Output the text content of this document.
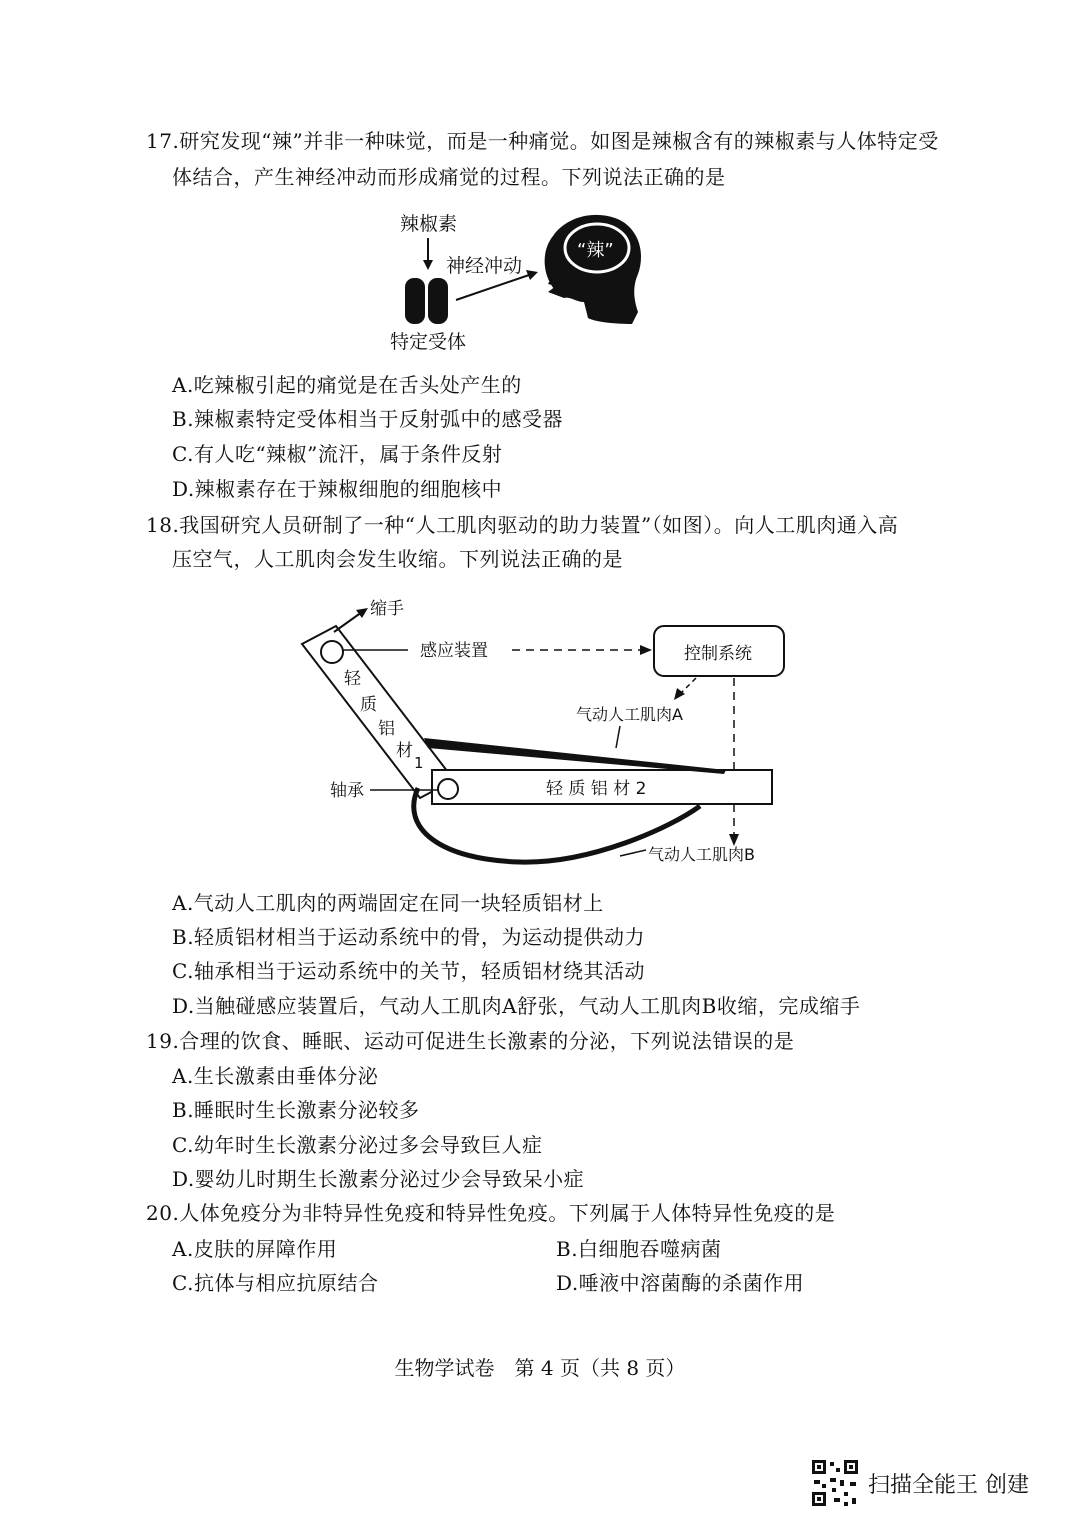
17.研究发现“辣”并非一种味觉，而是一种痛觉。如图是辣椒含有的辣椒素与人体特定受
体结合，产生神经冲动而形成痛觉的过程。下列说法正确的是
辣椒素
神经冲动
“辣”
特定受体
A.吃辣椒引起的痛觉是在舌头处产生的
B.辣椒素特定受体相当于反射弧中的感受器
C.有人吃“辣椒”流汗，属于条件反射
D.辣椒素存在于辣椒细胞的细胞核中
18.我国研究人员研制了一种“人工肌肉驱动的助力装置”（如图）。向人工肌肉通入高
压空气，人工肌肉会发生收缩。下列说法正确的是
轻
质
铝
材
1
缩手
感应装置	控制系统
气动人工肌肉A
轻 质 铝 材 2
气动人工肌肉B
轴承
A.气动人工肌肉的两端固定在同一块轻质铝材上
B.轻质铝材相当于运动系统中的骨，为运动提供动力
C.轴承相当于运动系统中的关节，轻质铝材绕其活动
D.当触碰感应装置后，气动人工肌肉A舒张，气动人工肌肉B收缩，完成缩手
19.合理的饮食、睡眠、运动可促进生长激素的分泌，下列说法错误的是
A.生长激素由垂体分泌
B.睡眠时生长激素分泌较多
C.幼年时生长激素分泌过多会导致巨人症
D.婴幼儿时期生长激素分泌过少会导致呆小症
20.人体免疫分为非特异性免疫和特异性免疫。下列属于人体特异性免疫的是
A.皮肤的屏障作用	B.白细胞吞噬病菌
C.抗体与相应抗原结合	D.唾液中溶菌酶的杀菌作用
生物学试卷　第 4 页（共 8 页）
扫描全能王 创建
